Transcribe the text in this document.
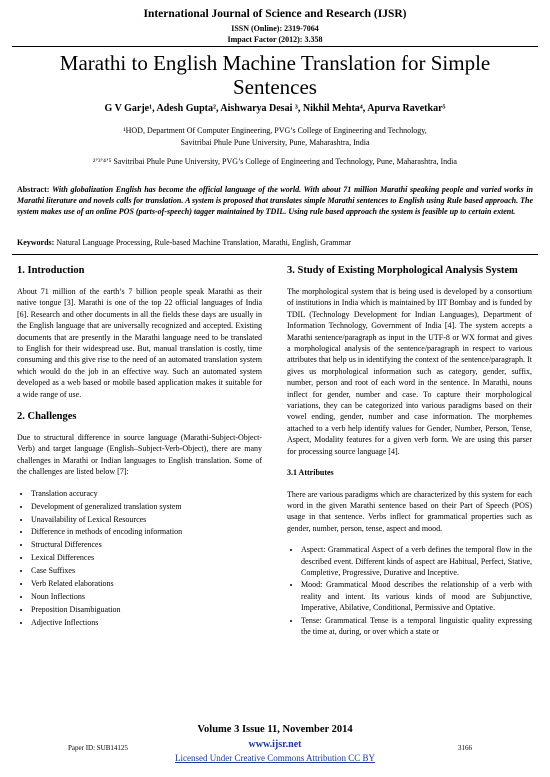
International Journal of Science and Research (IJSR)
ISSN (Online): 2319-7064
Impact Factor (2012): 3.358
Marathi to English Machine Translation for Simple Sentences
G V Garje¹, Adesh Gupta², Aishwarya Desai ³, Nikhil Mehta⁴, Apurva Ravetkar⁵
¹HOD, Department Of Computer Engineering, PVG’s College of Engineering and Technology,
Savitribai Phule Pune University, Pune, Maharashtra, India
²ʼ³ʼ⁴ʼ⁵ Savitribai Phule Pune University, PVG’s College of Engineering and Technology, Pune, Maharashtra, India
Abstract: With globalization English has become the official language of the world. With about 71 million Marathi speaking people and varied works in Marathi literature and novels calls for translation. A system is proposed that translates simple Marathi sentences to English using Rule based approach. The system makes use of an online POS (parts-of-speech) tagger maintained by TDIL. Using rule based approach the system is feasible up to certain extent.
Keywords: Natural Language Processing, Rule-based Machine Translation, Marathi, English, Grammar
1. Introduction

About 71 million of the earth’s 7 billion people speak Marathi as their native tongue [3]. Marathi is one of the top 22 official languages of India [6]. Research and other documents in all the fields these days are usually in the English language that are universally recognized and accepted. Existing documents that are presently in the Marathi language need to be translated to English for their widespread use. But, manual translation is costly, time consuming and this give rise to the need of an automated translation system which would do the job in an effective way. Such an automated system developed as a web based or mobile based application makes it suitable for a wide range of use.

2. Challenges

Due to structural difference in source language (Marathi-Subject-Object-Verb) and target language (English–Subject-Verb-Object), there are many challenges in Marathi or Indian languages to English translation. Some of the challenges are listed below [7]:

• Translation accuracy
• Development of generalized translation system
• Unavailability of Lexical Resources
• Difference in methods of encoding information
• Structural Differences
• Lexical Differences
• Case Suffixes
• Verb Related elaborations
• Noun Inflections
• Preposition Disambiguation
• Adjective Inflections
3. Study of Existing Morphological Analysis System

The morphological system that is being used is developed by a consortium of institutions in India which is maintained by IIT Bombay and is funded by TDIL (Technology Development for Indian Languages), Department of Information Technology, Government of India [4]. The system accepts a Marathi sentence/paragraph as input in the UTF-8 or WX format and gives a morphological analysis of the sentence/paragraph in respect to various attributes that help us in identifying the context of the sentence/paragraph. It gives us morphological information such as category, gender, suffix, number, person and root of each word in the sentence. In Marathi, nouns inflect for gender, number and case. To capture their morphological variations, they can be categorized into various paradigms based on their vowel ending, gender, number and case information. The morphemes attached to a verb help identify values for Gender, Number, Person, Tense, Aspect, Modality features for a given verb form. We are using this parser for processing source language [4].

3.1 Attributes

There are various paradigms which are characterized by this system for each word in the given Marathi sentence based on their Part of Speech (POS) usage in that sentence. Verbs inflect for grammatical properties such as gender, number, person, tense, aspect and mood.

• Aspect: Grammatical Aspect of a verb defines the temporal flow in the described event. Different kinds of aspect are Habitual, Perfect, Stative, Completive, Progressive, Durative and Inceptive.
• Mood: Grammatical Mood describes the relationship of a verb with reality and intent. Its various kinds of mood are Subjunctive, Imperative, Abilative, Conditional, Permissive and Optative.
• Tense: Grammatical Tense is a temporal linguistic quality expressing the time at, during, or over which a state or
Volume 3 Issue 11, November 2014
www.ijsr.net
Licensed Under Creative Commons Attribution CC BY
Paper ID: SUB14125	3166
